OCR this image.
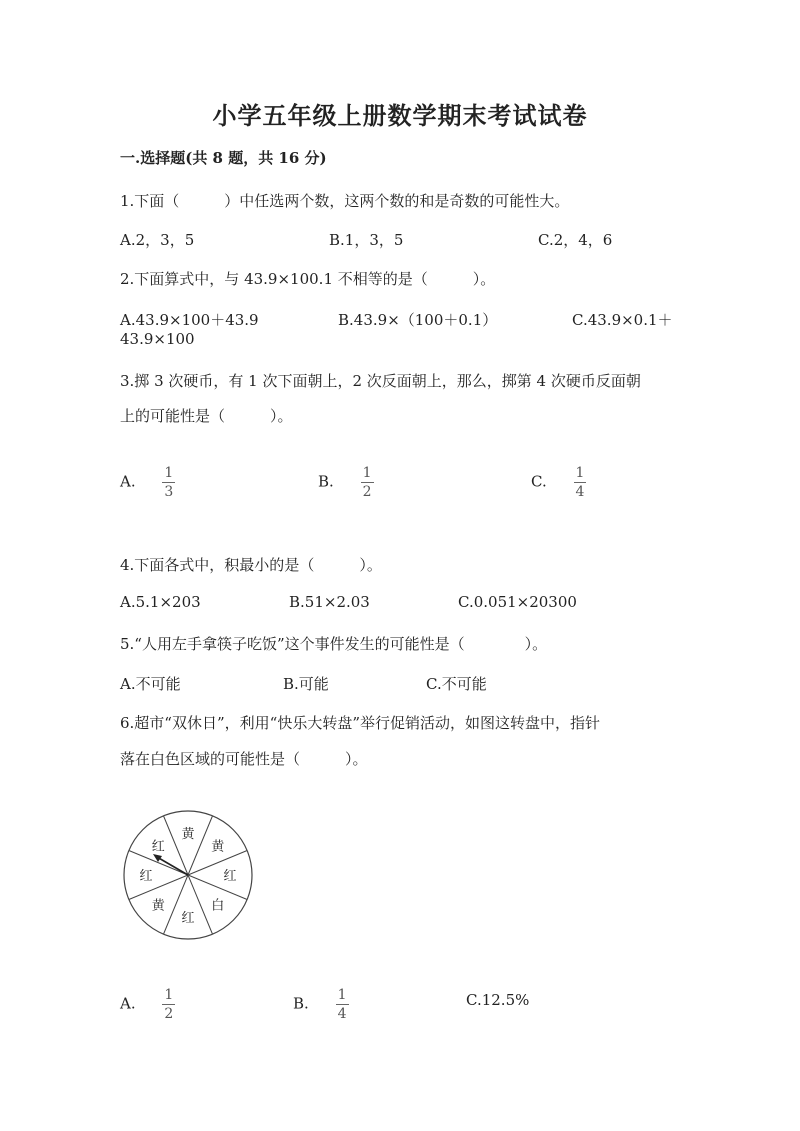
小学五年级上册数学期末考试试卷
一.选择题(共 8 题，共 16 分)
1.下面（　　　）中任选两个数，这两个数的和是奇数的可能性大。
A.2，3，5	B.1，3，5	C.2，4，6
2.下面算式中，与 43.9×100.1 不相等的是（　　　）。
A.43.9×100＋43.9	B.43.9×（100＋0.1）	C.43.9×0.1＋
43.9×100
3.掷 3 次硬币，有 1 次下面朝上，2 次反面朝上，那么，掷第 4 次硬币反面朝
上的可能性是（　　　）。
A. $\frac{1}{3}$	B. $\frac{1}{2}$	C. $\frac{1}{4}$
4.下面各式中，积最小的是（　　　）。
A.5.1×203	B.51×2.03	C.0.051×20300
5.“人用左手拿筷子吃饭”这个事件发生的可能性是（　　　　）。
A.不可能	B.可能	C.不可能
6.超市“双休日”，利用“快乐大转盘”举行促销活动，如图这转盘中，指针
落在白色区域的可能性是（　　　）。
黄
黄
红
白
红
黄
红
红
A. $\frac{1}{2}$	B. $\frac{1}{4}$	C.12.5%
